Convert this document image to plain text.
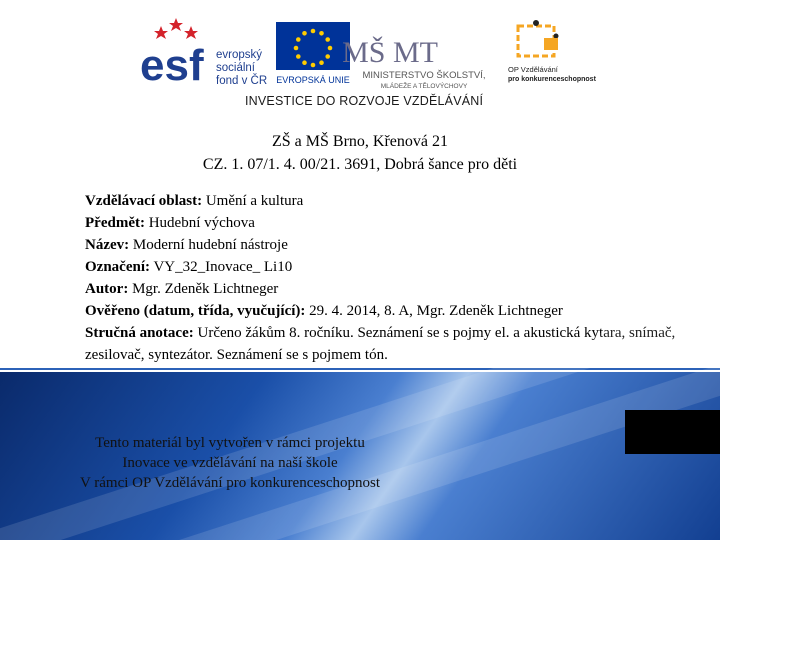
esf evropský
sociální
fond v ČR EVROPSKÁ UNIE
MŠ MT
MINISTERSTVO ŠKOLSTVÍ,
MLÁDEŽE A TĚLOVÝCHOVY
OP Vzdělávání
pro konkurenceschopnost
INVESTICE DO ROZVOJE VZDĚLÁVÁNÍ
ZŠ a MŠ Brno, Křenová 21
CZ. 1. 07/1. 4. 00/21. 3691, Dobrá šance pro děti
Vzdělávací oblast: Umění a kultura
Předmět: Hudební výchova
Název: Moderní hudební nástroje
Označení: VY_32_Inovace_ Li10
Autor: Mgr. Zdeněk Lichtneger
Ověřeno (datum, třída, vyučující): 29. 4. 2014, 8. A, Mgr. Zdeněk Lichtneger
Stručná anotace: Určeno žákům 8. ročníku. Seznámení se s pojmy el. a akustická kytara, snímač, zesilovač, syntezátor. Seznámení se s pojmem tón.
Tento materiál byl vytvořen v rámci projektu
Inovace ve vzdělávání na naší škole
V rámci OP Vzdělávání pro konkurenceschopnost
